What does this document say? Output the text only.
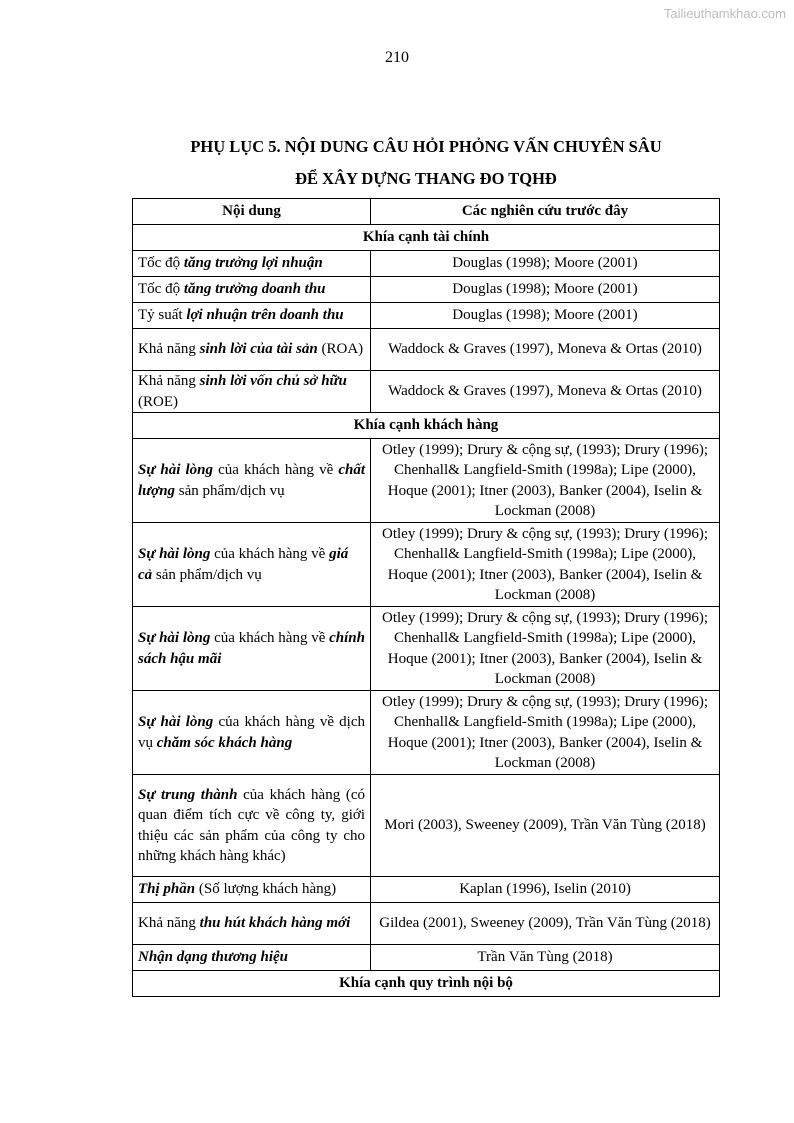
Tailieuthamkhao.com
210
PHỤ LỤC 5. NỘI DUNG CÂU HỎI PHỎNG VẤN CHUYÊN SÂU
ĐỂ XÂY DỰNG THANG ĐO TQHĐ
Nội dung	Các nghiên cứu trước đây
Khía cạnh tài chính	
Tốc độ tăng trưởng lợi nhuận	Douglas (1998); Moore (2001)
Tốc độ tăng trưởng doanh thu	Douglas (1998); Moore (2001)
Tỷ suất lợi nhuận trên doanh thu	Douglas (1998); Moore (2001)
Khả năng sinh lời của tài sản (ROA)	Waddock & Graves (1997), Moneva & Ortas (2010)
Khả năng sinh lời vốn chủ sở hữu (ROE)	Waddock & Graves (1997), Moneva & Ortas (2010)
Khía cạnh khách hàng	
Sự hài lòng của khách hàng về chất lượng sản phẩm/dịch vụ	Otley (1999); Drury & cộng sự, (1993); Drury (1996); Chenhall& Langfield-Smith (1998a); Lipe (2000), Hoque (2001); Itner (2003), Banker (2004), Iselin & Lockman (2008)
Sự hài lòng của khách hàng về giá cả sản phẩm/dịch vụ	Otley (1999); Drury & cộng sự, (1993); Drury (1996); Chenhall& Langfield-Smith (1998a); Lipe (2000), Hoque (2001); Itner (2003), Banker (2004), Iselin & Lockman (2008)
Sự hài lòng của khách hàng về chính sách hậu mãi	Otley (1999); Drury & cộng sự, (1993); Drury (1996); Chenhall& Langfield-Smith (1998a); Lipe (2000), Hoque (2001); Itner (2003), Banker (2004), Iselin & Lockman (2008)
Sự hài lòng của khách hàng về dịch vụ chăm sóc khách hàng	Otley (1999); Drury & cộng sự, (1993); Drury (1996); Chenhall& Langfield-Smith (1998a); Lipe (2000), Hoque (2001); Itner (2003), Banker (2004), Iselin & Lockman (2008)
Sự trung thành của khách hàng (có quan điểm tích cực về công ty, giới thiệu các sản phẩm của công ty cho những khách hàng khác)	Mori (2003), Sweeney (2009), Trần Văn Tùng (2018)
Thị phần (Số lượng khách hàng)	Kaplan (1996), Iselin (2010)
Khả năng thu hút khách hàng mới	Gildea (2001), Sweeney (2009), Trần Văn Tùng (2018)
Nhận dạng thương hiệu	Trần Văn Tùng (2018)
Khía cạnh quy trình nội bộ	
